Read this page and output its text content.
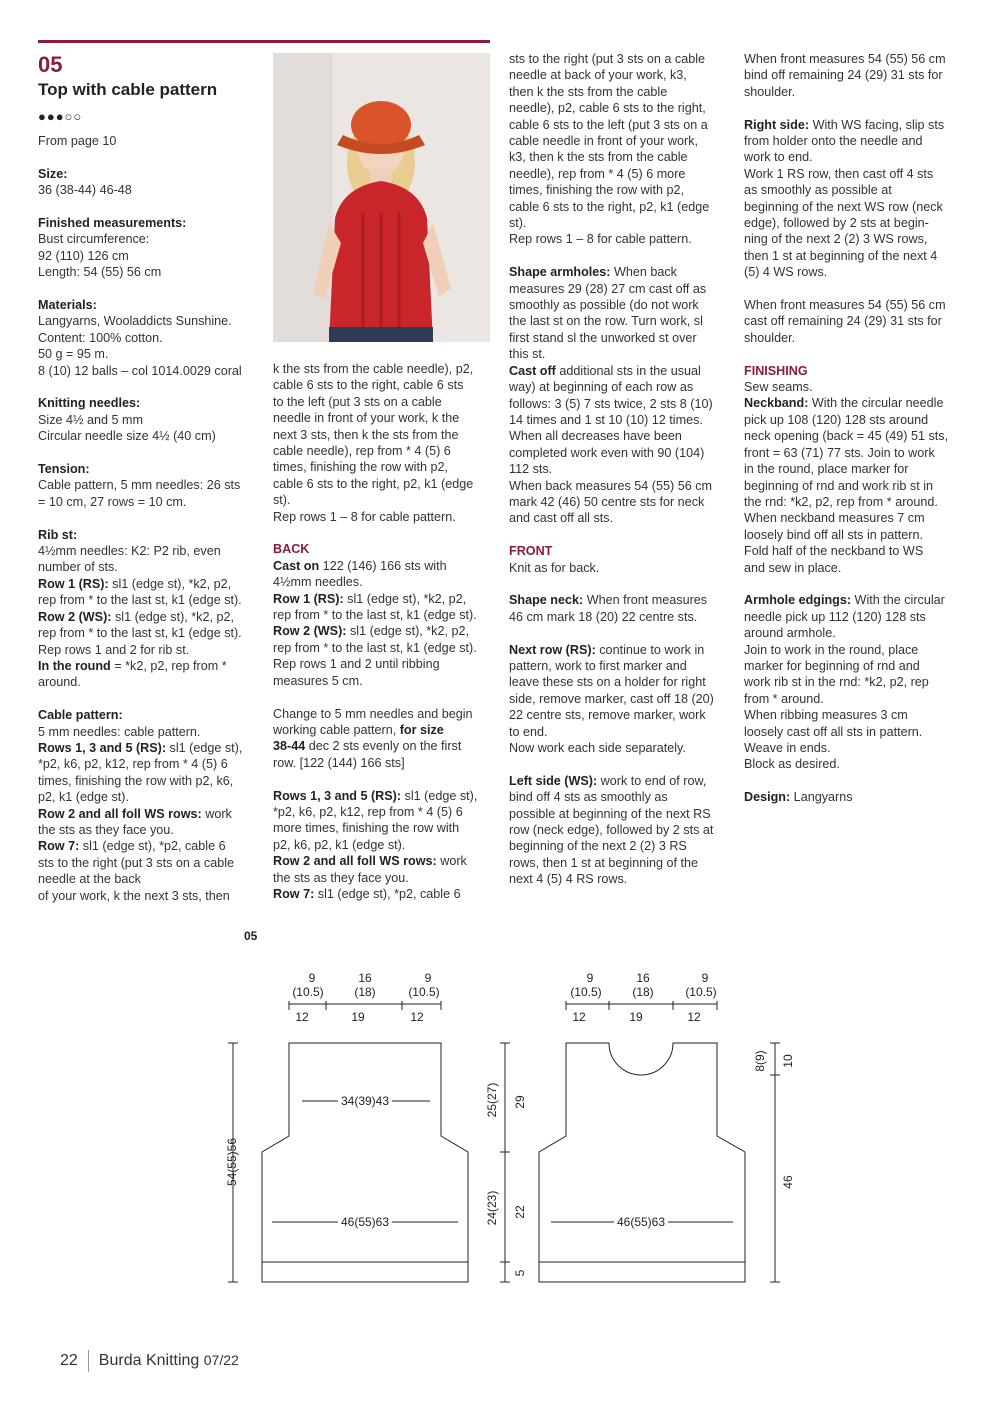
05
Top with cable pattern
●●●○○

From page 10

Size:
36 (38-44) 46-48

Finished measurements:
Bust circumference:
92 (110) 126 cm
Length: 54 (55) 56 cm

Materials:
Langyarns, Wooladdicts Sunshine.
Content: 100% cotton.
50 g = 95 m.
8 (10) 12 balls – col 1014.0029 coral

Knitting needles:
Size 4½ and 5 mm
Circular needle size 4½ (40 cm)

Tension:
Cable pattern, 5 mm needles: 26 sts
= 10 cm, 27 rows = 10 cm.

Rib st:
4½mm needles: K2: P2 rib, even
number of sts.
Row 1 (RS): sl1 (edge st), *k2, p2,
rep from * to the last st, k1 (edge st).
Row 2 (WS): sl1 (edge st), *k2, p2,
rep from * to the last st, k1 (edge st).
Rep rows 1 and 2 for rib st.
In the round = *k2, p2, rep from *
around.

Cable pattern:
5 mm needles: cable pattern.
Rows 1, 3 and 5 (RS): sl1 (edge st),
*p2, k6, p2, k12, rep from * 4 (5) 6
times, finishing the row with p2, k6,
p2, k1 (edge st).
Row 2 and all foll WS rows: work
the sts as they face you.
Row 7: sl1 (edge st), *p2, cable 6
sts to the right (put 3 sts on a cable
needle at the back
of your work, k the next 3 sts, then

k the sts from the cable needle), p2,
cable 6 sts to the right, cable 6 sts
to the left (put 3 sts on a cable
needle in front of your work, k the
next 3 sts, then k the sts from the
cable needle), rep from * 4 (5) 6
times, finishing the row with p2,
cable 6 sts to the right, p2, k1 (edge
st).
Rep rows 1 – 8 for cable pattern.

BACK
Cast on 122 (146) 166 sts with
4½mm needles.
Row 1 (RS): sl1 (edge st), *k2, p2,
rep from * to the last st, k1 (edge st).
Row 2 (WS): sl1 (edge st), *k2, p2,
rep from * to the last st, k1 (edge st).
Rep rows 1 and 2 until ribbing
measures 5 cm.

Change to 5 mm needles and begin
working cable pattern, for size
38-44 dec 2 sts evenly on the first
row. [122 (144) 166 sts]

Rows 1, 3 and 5 (RS): sl1 (edge st),
*p2, k6, p2, k12, rep from * 4 (5) 6
more times, finishing the row with
p2, k6, p2, k1 (edge st).
Row 2 and all foll WS rows: work
the sts as they face you.
Row 7: sl1 (edge st), *p2, cable 6

sts to the right (put 3 sts on a cable
needle at back of your work, k3,
then k the sts from the cable
needle), p2, cable 6 sts to the right,
cable 6 sts to the left (put 3 sts on a
cable needle in front of your work,
k3, then k the sts from the cable
needle), rep from * 4 (5) 6 more
times, finishing the row with p2,
cable 6 sts to the right, p2, k1 (edge
st).
Rep rows 1 – 8 for cable pattern.

Shape armholes: When back
measures 29 (28) 27 cm cast off as
smoothly as possible (do not work
the last st on the row. Turn work, sl
first stand sl the unworked st over
this st.
Cast off additional sts in the usual
way) at beginning of each row as
follows: 3 (5) 7 sts twice, 2 sts 8 (10)
14 times and 1 st 10 (10) 12 times.
When all decreases have been
completed work even with 90 (104)
112 sts.
When back measures 54 (55) 56 cm
mark 42 (46) 50 centre sts for neck
and cast off all sts.

FRONT
Knit as for back.

Shape neck: When front measures
46 cm mark 18 (20) 22 centre sts.

Next row (RS): continue to work in
pattern, work to first marker and
leave these sts on a holder for right
side, remove marker, cast off 18 (20)
22 centre sts, remove marker, work
to end.
Now work each side separately.

Left side (WS): work to end of row,
bind off 4 sts as smoothly as
possible at beginning of the next RS
row (neck edge), followed by 2 sts at
beginning of the next 2 (2) 3 RS
rows, then 1 st at beginning of the
next 4 (5) 4 RS rows.

When front measures 54 (55) 56 cm
bind off remaining 24 (29) 31 sts for
shoulder.

Right side: With WS facing, slip sts
from holder onto the needle and
work to end.
Work 1 RS row, then cast off 4 sts
as smoothly as possible at
beginning of the next WS row (neck
edge), followed by 2 sts at begin-
ning of the next 2 (2) 3 WS rows,
then 1 st at beginning of the next 4
(5) 4 WS rows.

When front measures 54 (55) 56 cm
cast off remaining 24 (29) 31 sts for
shoulder.

FINISHING
Sew seams.
Neckband: With the circular needle
pick up 108 (120) 128 sts around
neck opening (back = 45 (49) 51 sts,
front = 63 (71) 77 sts. Join to work
in the round, place marker for
beginning of rnd and work rib st in
the rnd: *k2, p2, rep from * around.
When neckband measures 7 cm
loosely bind off all sts in pattern.
Fold half of the neckband to WS
and sew in place.

Armhole edgings: With the circular
needle pick up 112 (120) 128 sts
around armhole.
Join to work in the round, place
marker for beginning of rnd and
work rib st in the rnd: *k2, p2, rep
from * around.
When ribbing measures 3 cm
loosely cast off all sts in pattern.
Weave in ends.
Block as desired.

Design: Langyarns

05
9	16	9
(10.5)	(18)	(10.5)
12	19	12
34(39)43
46(55)63
54(55)56
25(27) 29
24(23) 22
5
9	16	9
(10.5)	(18)	(10.5)
12	19	12
46(55)63
8(9) 10
46
22 Burda Knitting 07/22
